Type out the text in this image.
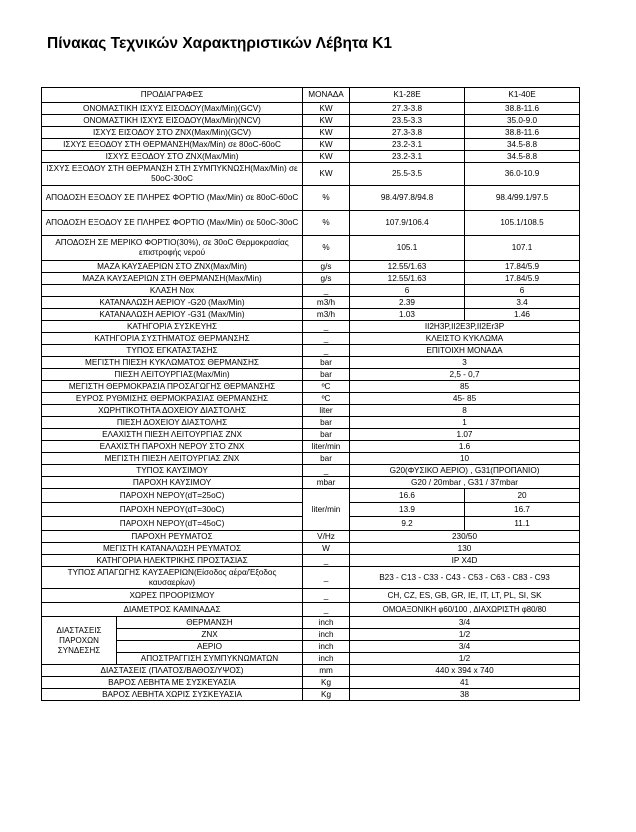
Πίνακας Τεχνικών Χαρακτηριστικών Λέβητα Κ1
ΠΡΟΔΙΑΓΡΑΦΕΣ		ΜΟΝΑΔΑ	K1-28E	K1-40E
ΟΝΟΜΑΣΤΙΚΗ ΙΣΧΥΣ ΕΙΣΟΔΟΥ(Max/Min)(GCV)		KW	27.3-3.8	38.8-11.6
ΟΝΟΜΑΣΤΙΚΗ ΙΣΧΥΣ ΕΙΣΟΔΟΥ(Max/Min)(NCV)		KW	23.5-3.3	35.0-9.0
ΙΣΧΥΣ ΕΙΣΟΔΟΥ ΣΤΟ ZNX(Max/Min)(GCV)		KW	27.3-3.8	38.8-11.6
ΙΣΧΥΣ ΕΞΟΔΟΥ ΣΤΗ ΘΕΡΜΑΝΣΗ(Max/Min) σε 80oC-60oC		KW	23.2-3.1	34.5-8.8
ΙΣΧΥΣ ΕΞΟΔΟΥ ΣΤΟ ZNX(Max/Min)		KW	23.2-3.1	34.5-8.8
ΙΣΧΥΣ ΕΞΟΔΟΥ ΣΤΗ ΘΕΡΜΑΝΣΗ ΣΤΗ ΣΥΜΠΥΚΝΩΣΗ(Max/Min) σε 50oC-30oC		KW	25.5-3.5	36.0-10.9
ΑΠΟΔΟΣΗ ΕΞΟΔΟΥ ΣΕ ΠΛΗΡΕΣ ΦΟΡΤΙΟ (Max/Min) σε 80oC-60oC		%	98.4/97.8/94.8	98.4/99.1/97.5
ΑΠΟΔΟΣΗ ΕΞΟΔΟΥ ΣΕ ΠΛΗΡΕΣ ΦΟΡΤΙΟ (Max/Min) σε 50oC-30oC		%	107.9/106.4	105.1/108.5
ΑΠΟΔΟΣΗ ΣΕ ΜΕΡΙΚΟ ΦΟΡΤΙΟ(30%), σε 30oC Θερμοκρασίας επιστροφής νερού		%	105.1	107.1
ΜΑΖΑ ΚΑΥΣΑΕΡΙΩΝ ΣΤΟ ZNX(Max/Min)		g/s	12.55/1.63	17.84/5.9
ΜΑΖΑ ΚΑΥΣΑΕΡΙΩΝ ΣΤΗ ΘΕΡΜΑΝΣΗ(Max/Min)		g/s	12.55/1.63	17.84/5.9
ΚΛΑΣΗ Nox		_	6	6
ΚΑΤΑΝΑΛΩΣΗ ΑΕΡΙΟΥ -G20 (Max/Min)		m3/h	2.39	3.4
ΚΑΤΑΝΑΛΩΣΗ ΑΕΡΙΟΥ -G31 (Max/Min)		m3/h	1.03	1.46
ΚΑΤΗΓΟΡΙΑ ΣΥΣΚΕΥΗΣ		_	II2H3P,II2E3P,II2Er3P	
ΚΑΤΗΓΟΡΙΑ ΣΥΣΤΗΜΑΤΟΣ ΘΕΡΜΑΝΣΗΣ		_	ΚΛΕΙΣΤΟ ΚΥΚΛΩΜΑ	
ΤΥΠΟΣ ΕΓΚΑΤΑΣΤΑΣΗΣ		_	ΕΠΙΤΟΙΧΗ ΜΟΝΑΔΑ	
ΜΕΓΙΣΤΗ ΠΙΕΣΗ ΚΥΚΛΩΜΑΤΟΣ ΘΕΡΜΑΝΣΗΣ		bar	3	
ΠΙΕΣΗ ΛΕΙΤΟΥΡΓΙΑΣ(Max/Min)		bar	2,5 - 0,7	
ΜΕΓΙΣΤΗ ΘΕΡΜΟΚΡΑΣΙΑ ΠΡΟΣΑΓΩΓΗΣ ΘΕΡΜΑΝΣΗΣ		ºC	85	
ΕΥΡΟΣ ΡΥΘΜΙΣΗΣ ΘΕΡΜΟΚΡΑΣΙΑΣ ΘΕΡΜΑΝΣΗΣ		ºC	45- 85	
ΧΩΡΗΤΙΚΟΤΗΤΑ ΔΟΧΕΙΟΥ ΔΙΑΣΤΟΛΗΣ		liter	8	
ΠΙΕΣΗ ΔΟΧΕΙΟΥ ΔΙΑΣΤΟΛΗΣ		bar	1	
ΕΛΑΧΙΣΤΗ ΠΙΕΣΗ ΛΕΙΤΟΥΡΓΙΑΣ ZNX		bar	1.07	
ΕΛΑΧΙΣΤΗ ΠΑΡΟΧΗ ΝΕΡΟΥ ΣΤΟ ZNX		liter/min	1.6	
ΜΕΓΙΣΤΗ ΠΙΕΣΗ ΛΕΙΤΟΥΡΓΙΑΣ ZNX		bar	10	
ΤΥΠΟΣ ΚΑΥΣΙΜΟΥ		_	G20(ΦΥΣΙΚΟ ΑΕΡΙΟ) , G31(ΠΡΟΠΑΝΙΟ)	
ΠΑΡΟΧΗ ΚΑΥΣΙΜΟΥ		mbar	G20 / 20mbar , G31 / 37mbar	
ΠΑΡΟΧΗ ΝΕΡΟΥ(dT=25oC)		liter/min	16.6	20
ΠΑΡΟΧΗ ΝΕΡΟΥ(dT=30oC)			13.9	16.7
ΠΑΡΟΧΗ ΝΕΡΟΥ(dT=45oC)			9.2	11.1
ΠΑΡΟΧΗ ΡΕΥΜΑΤΟΣ		V/Hz	230/50	
ΜΕΓΙΣΤΗ ΚΑΤΑΝΑΛΩΣΗ ΡΕΥΜΑΤΟΣ		W	130	
ΚΑΤΗΓΟΡΙΑ ΗΛΕΚΤΡΙΚΗΣ ΠΡΟΣΤΑΣΙΑΣ		_	IP X4D	
ΤΥΠΟΣ ΑΠΑΓΩΓΗΣ ΚΑΥΣΑΕΡΙΩΝ(Είσοδος αέρα/Έξοδος καυσαερίων)		_	B23 - C13 - C33 - C43 - C53 - C63 - C83 - C93	
ΧΩΡΕΣ ΠΡΟΟΡΙΣΜΟΥ		_	CH, CZ, ES, GB, GR, IE, IT, LT, PL, SI, SK	
ΔΙΑΜΕΤΡΟΣ ΚΑΜΙΝΑΔΑΣ		_	ΟΜΟΑΞΟΝΙΚΗ φ60/100 , ΔΙΑΧΩΡΙΣΤΗ φ80/80	
ΔΙΑΣΤΑΣΕΙΣ ΠΑΡΟΧΩΝ ΣΥΝΔΕΣΗΣ	ΘΕΡΜΑΝΣΗ	inch	3/4	
	ZNX	inch	1/2	
	ΑΕΡΙΟ	inch	3/4	
	ΑΠΟΣΤΡΑΓΓΙΣΗ ΣΥΜΠΥΚΝΩΜΑΤΩΝ	inch	1/2	
ΔΙΑΣΤΑΣΕΙΣ (ΠΛΑΤΟΣ/ΒΑΘΟΣ/ΥΨΟΣ)		mm	440 x 394 x 740	
ΒΑΡΟΣ ΛΕΒΗΤΑ ΜΕ ΣΥΣΚΕΥΑΣΙΑ		Kg	41	
ΒΑΡΟΣ ΛΕΒΗΤΑ ΧΩΡΙΣ ΣΥΣΚΕΥΑΣΙΑ		Kg	38	
